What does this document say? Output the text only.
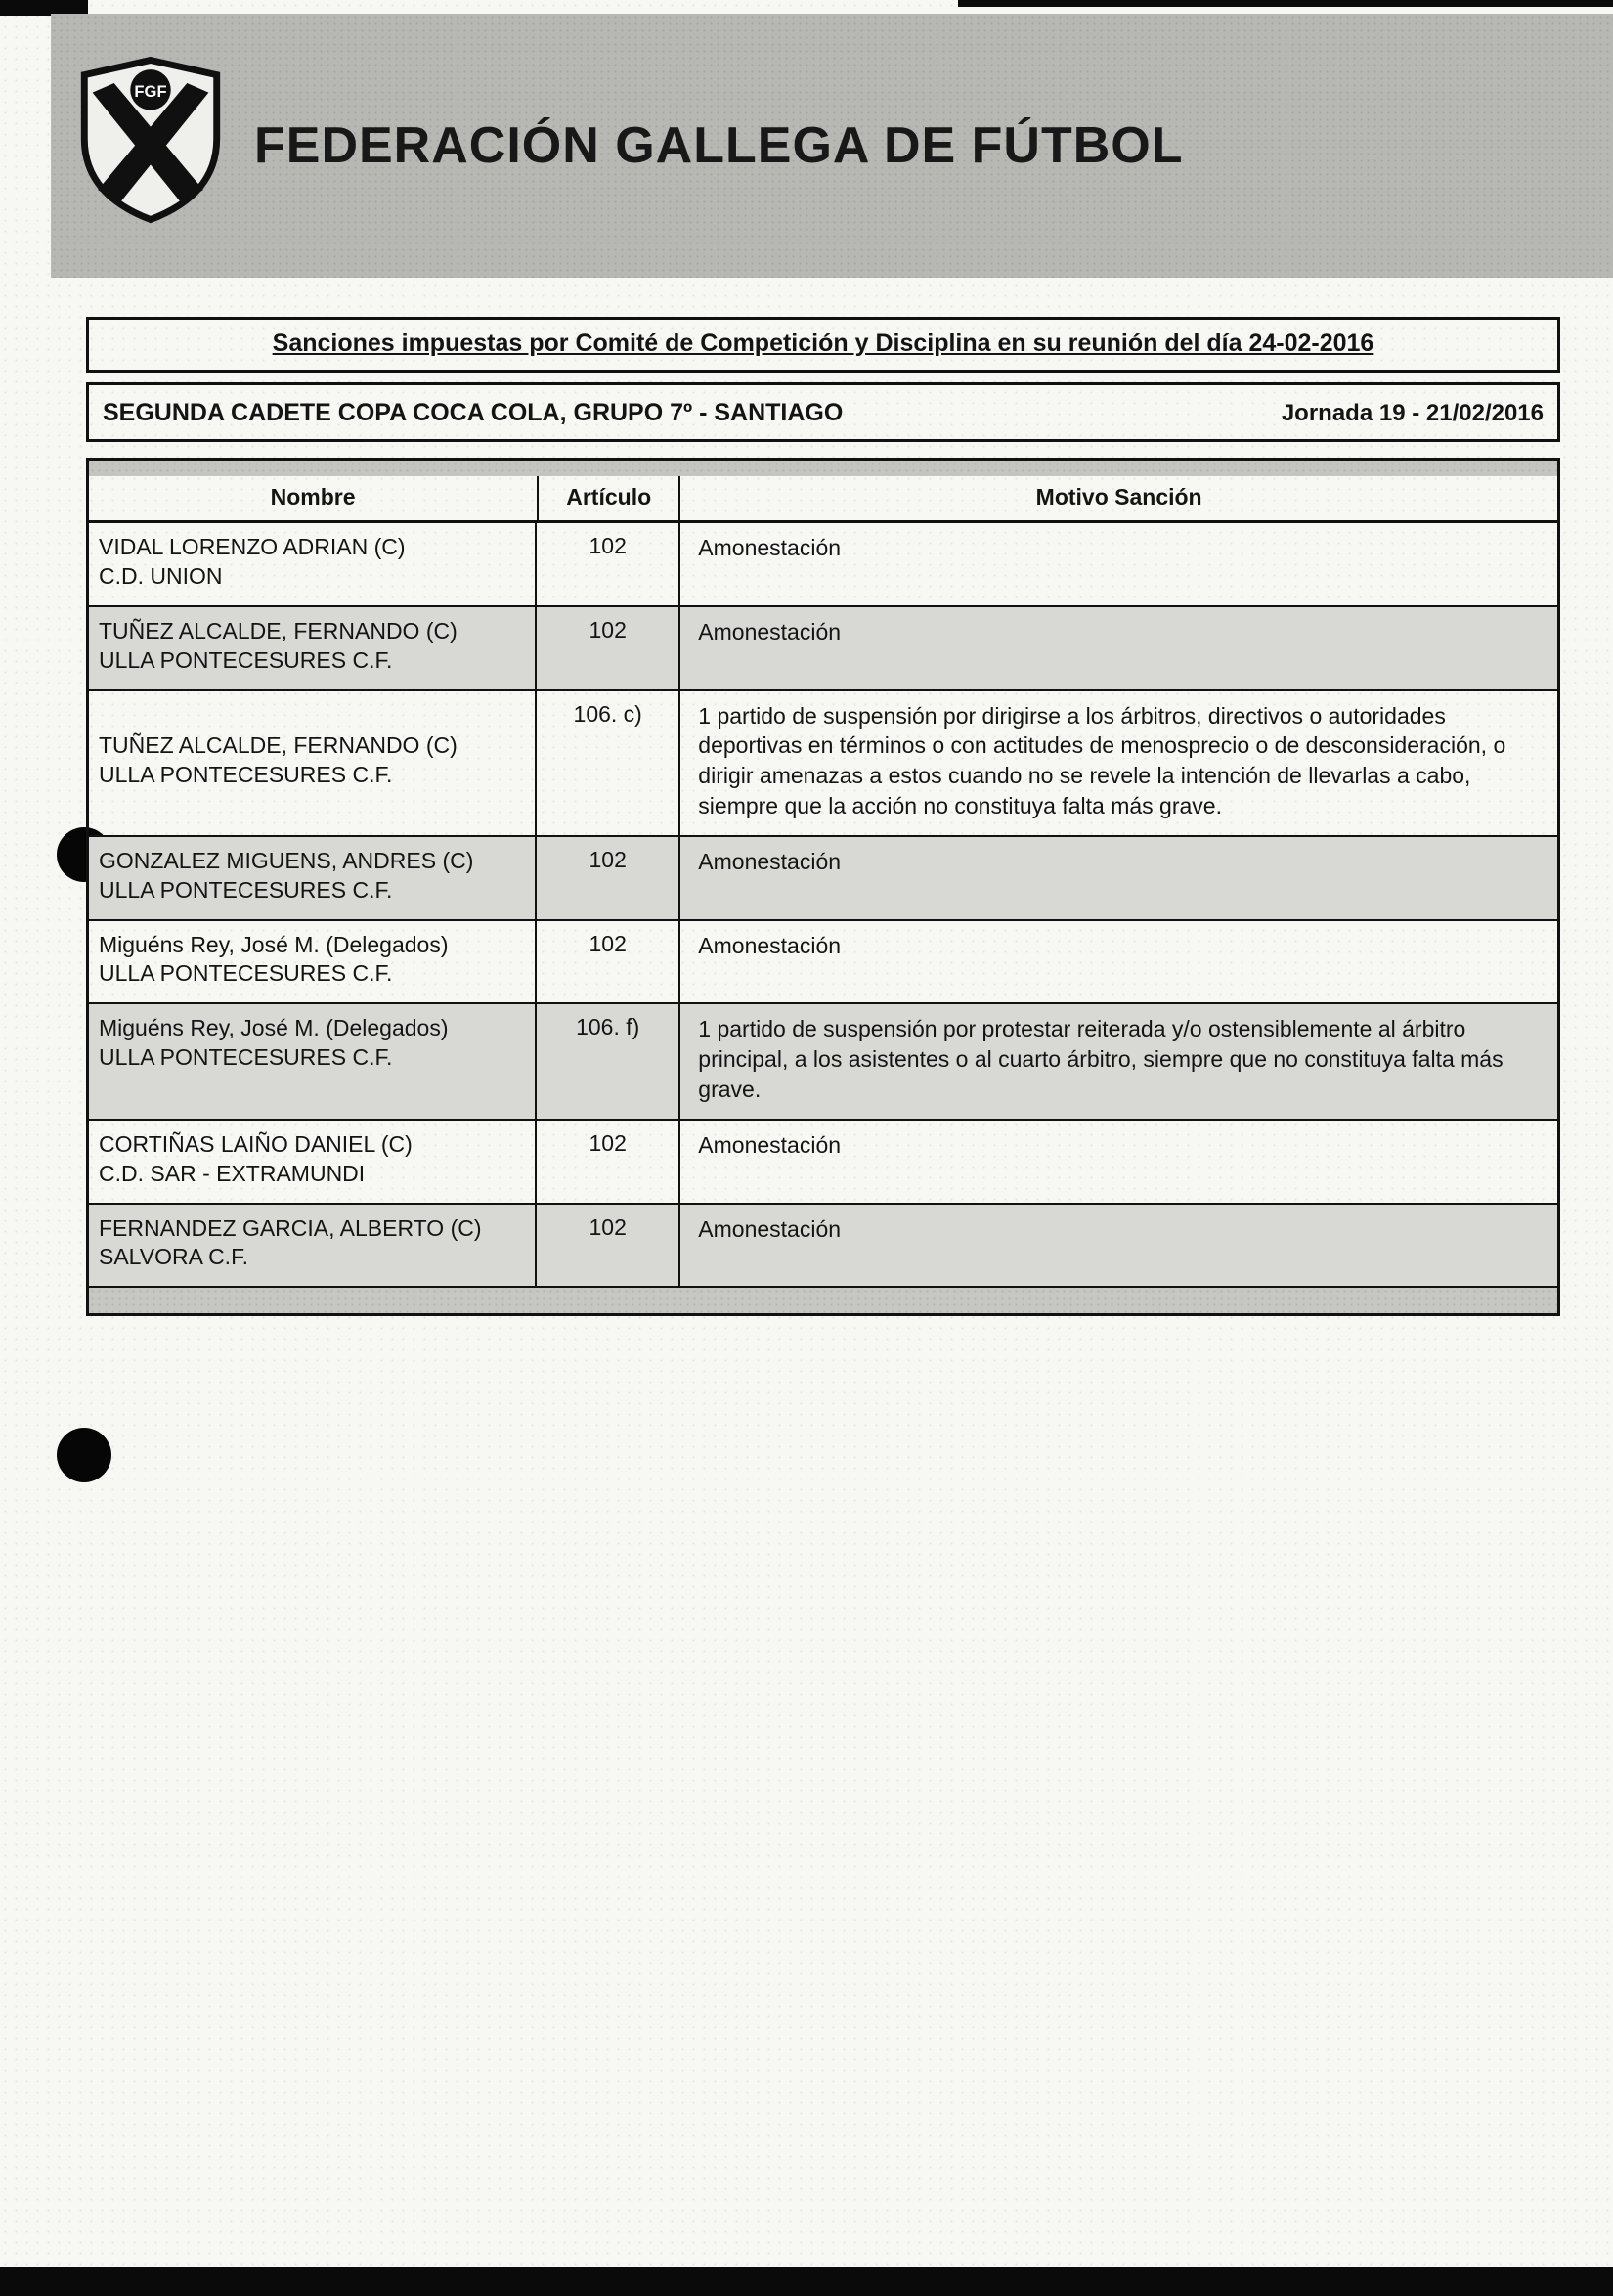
FGF
FEDERACIÓN GALLEGA DE FÚTBOL
Sanciones impuestas por Comité de Competición y Disciplina en su reunión del día 24-02-2016
SEGUNDA CADETE COPA COCA COLA, GRUPO 7º - SANTIAGO	Jornada 19 - 21/02/2016
Nombre	Artículo	Motivo Sanción
VIDAL LORENZO ADRIAN (C)
C.D. UNION
102	Amonestación
TUÑEZ ALCALDE, FERNANDO (C)
ULLA PONTECESURES C.F.
102	Amonestación
TUÑEZ ALCALDE, FERNANDO (C)
ULLA PONTECESURES C.F.
106. c)	1 partido de suspensión por dirigirse a los árbitros, directivos o autoridades deportivas en términos o con actitudes de menosprecio o de desconsideración, o dirigir amenazas a estos cuando no se revele la intención de llevarlas a cabo, siempre que la acción no constituya falta más grave.
GONZALEZ MIGUENS, ANDRES (C)
ULLA PONTECESURES C.F.
102	Amonestación
Miguéns Rey, José M. (Delegados)
ULLA PONTECESURES C.F.
102	Amonestación
Miguéns Rey, José M. (Delegados)
ULLA PONTECESURES C.F.
106. f)	1 partido de suspensión por protestar reiterada y/o ostensiblemente al árbitro principal, a los asistentes o al cuarto árbitro, siempre que no constituya falta más grave.
CORTIÑAS LAIÑO DANIEL (C)
C.D. SAR - EXTRAMUNDI
102	Amonestación
FERNANDEZ GARCIA, ALBERTO (C)
SALVORA C.F.
102	Amonestación
